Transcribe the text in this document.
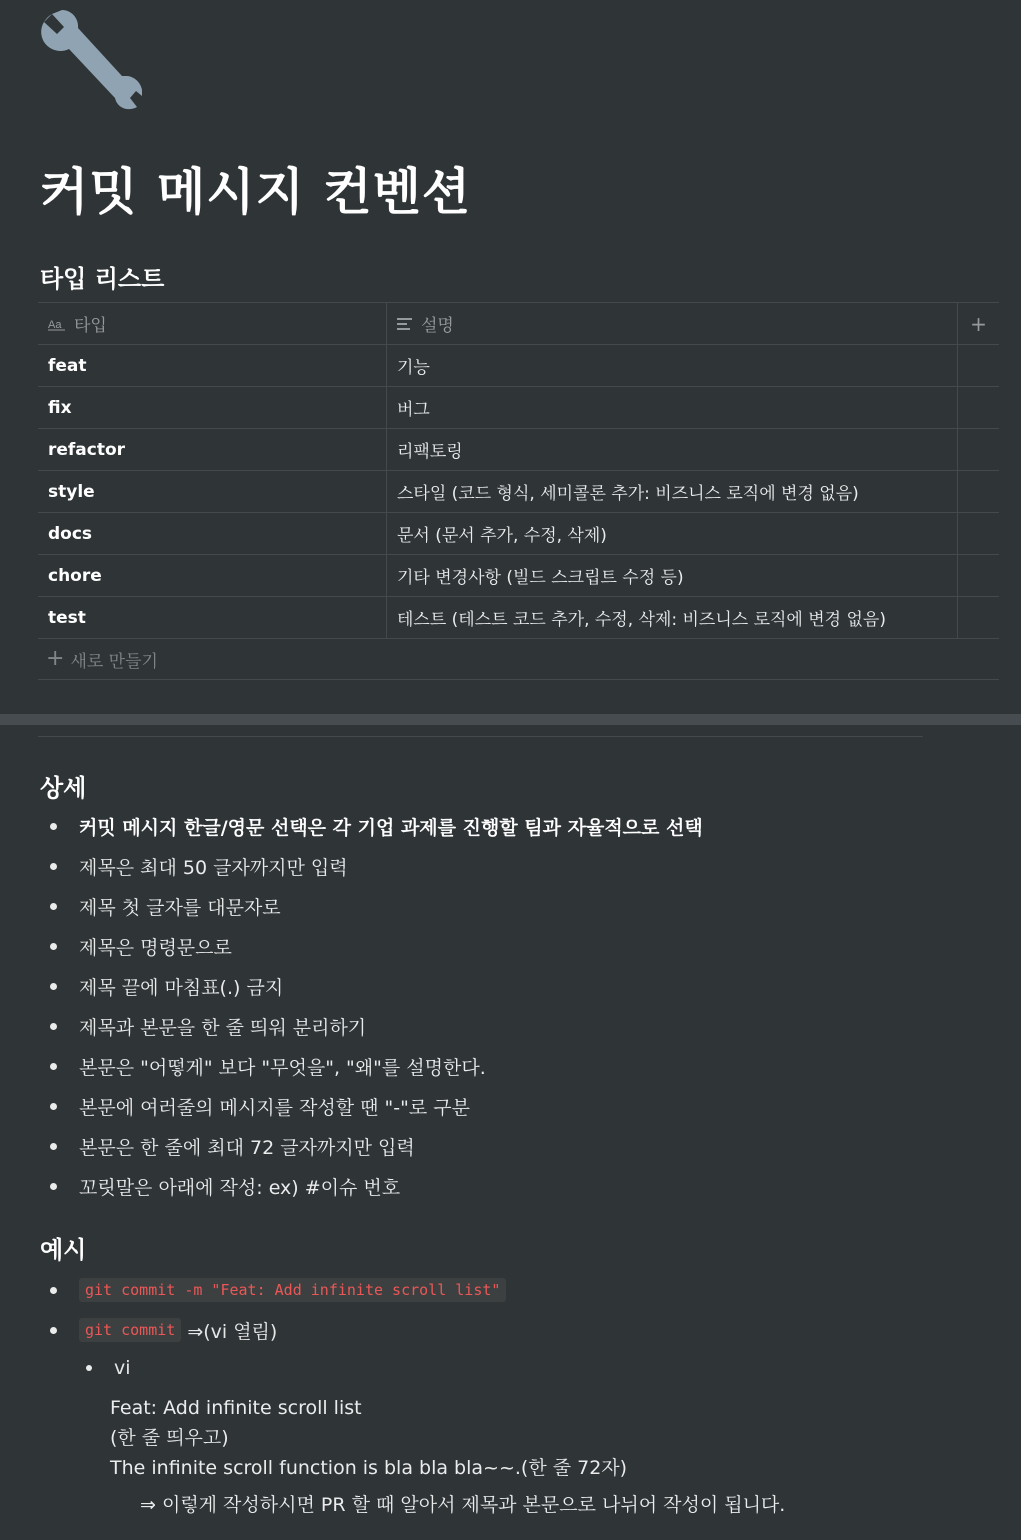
커밋 메시지 컨벤션
타입 리스트
Aa 타입	설명	+
feat	기능
fix	버그
refactor	리팩토링
style	스타일 (코드 형식, 세미콜론 추가: 비즈니스 로직에 변경 없음)
docs	문서 (문서 추가, 수정, 삭제)
chore	기타 변경사항 (빌드 스크립트 수정 등)
test	테스트 (테스트 코드 추가, 수정, 삭제: 비즈니스 로직에 변경 없음)
+ 새로 만들기
상세
커밋 메시지 한글/영문 선택은 각 기업 과제를 진행할 팀과 자율적으로 선택
제목은 최대 50 글자까지만 입력
제목 첫 글자를 대문자로
제목은 명령문으로
제목 끝에 마침표(.) 금지
제목과 본문을 한 줄 띄워 분리하기
본문은 "어떻게" 보다 "무엇을", "왜"를 설명한다.
본문에 여러줄의 메시지를 작성할 땐 "-"로 구분
본문은 한 줄에 최대 72 글자까지만 입력
꼬릿말은 아래에 작성: ex) #이슈 번호
예시
git commit -m "Feat: Add infinite scroll list"
git commit ⇒(vi 열림)
vi
Feat: Add infinite scroll list
(한 줄 띄우고)
The infinite scroll function is bla bla bla~~.(한 줄 72자)
⇒ 이렇게 작성하시면 PR 할 때 알아서 제목과 본문으로 나뉘어 작성이 됩니다.
